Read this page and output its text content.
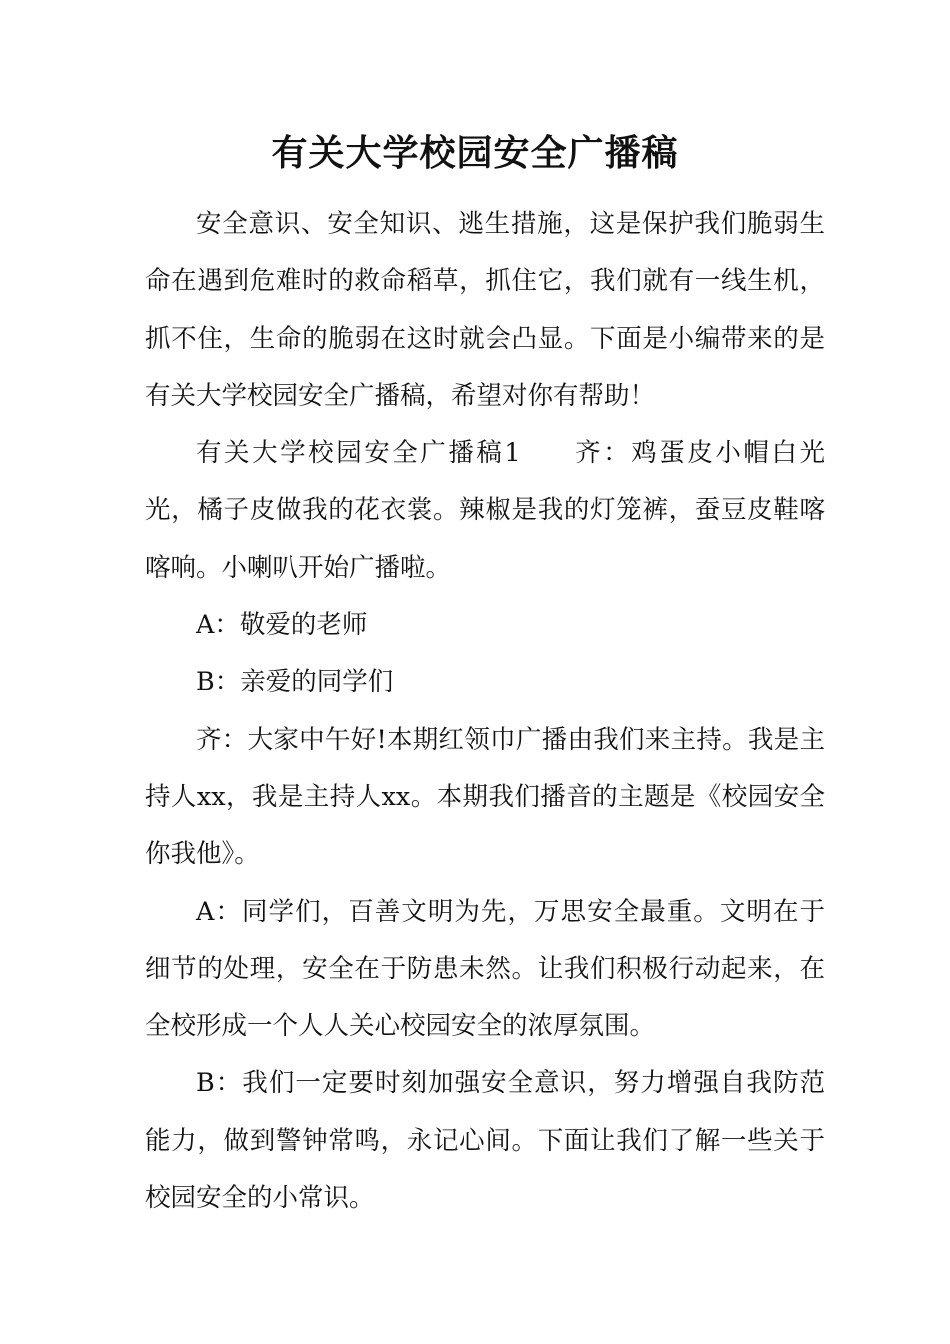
有关大学校园安全广播稿

安全意识、安全知识、逃生措施，这是保护我们脆弱生命在遇到危难时的救命稻草，抓住它，我们就有一线生机，抓不住，生命的脆弱在这时就会凸显。下面是小编带来的是有关大学校园安全广播稿，希望对你有帮助！

有关大学校园安全广播稿1 齐：鸡蛋皮小帽白光光，橘子皮做我的花衣裳。辣椒是我的灯笼裤，蚕豆皮鞋喀喀响。小喇叭开始广播啦。

A：敬爱的老师

B：亲爱的同学们

齐：大家中午好!本期红领巾广播由我们来主持。我是主持人xx，我是主持人xx。本期我们播音的主题是《校园安全你我他》。

A：同学们，百善文明为先，万思安全最重。文明在于细节的处理，安全在于防患未然。让我们积极行动起来，在全校形成一个人人关心校园安全的浓厚氛围。

B：我们一定要时刻加强安全意识，努力增强自我防范能力，做到警钟常鸣，永记心间。下面让我们了解一些关于校园安全的小常识。
